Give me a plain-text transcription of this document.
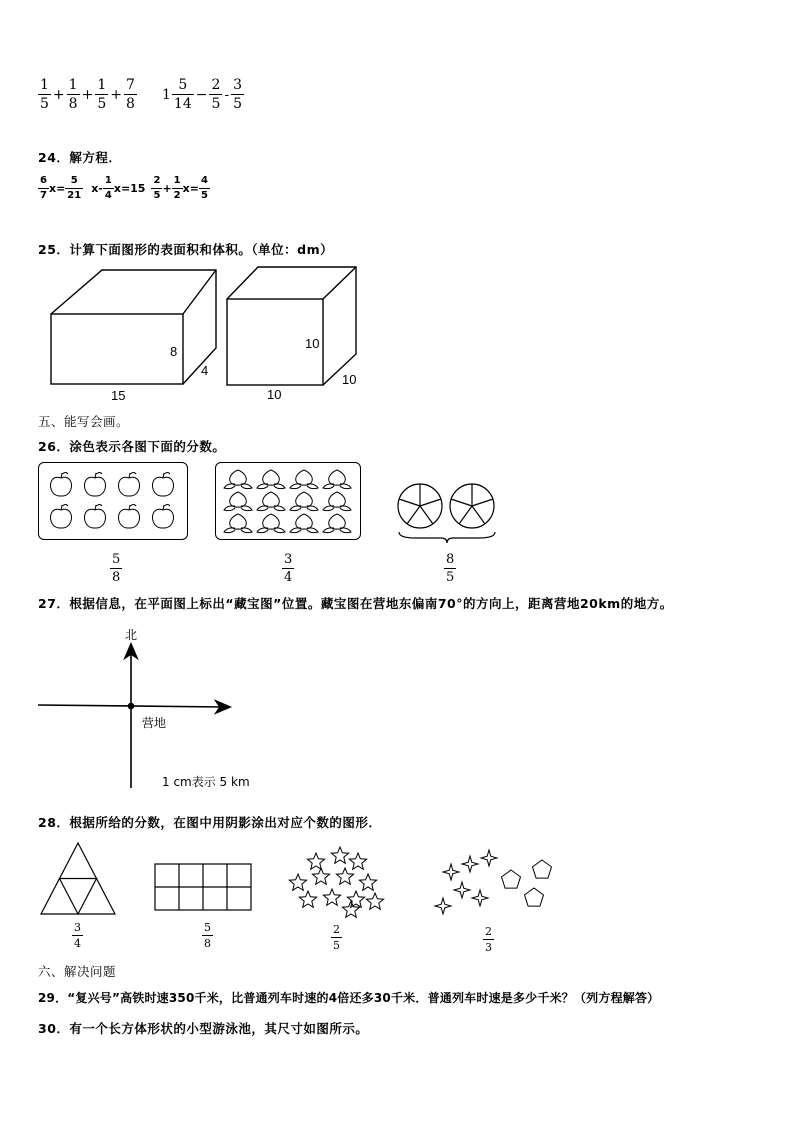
$\frac{1}{5} + \frac{1}{8} + \frac{1}{5} + \frac{7}{8} 1 \frac{5}{14} - \frac{2}{5} - \frac{3}{5}$
24．解方程．
$\frac{6}{7} x= \frac{5}{21} x- \frac{1}{4} x=15 \frac{2}{5} + \frac{1}{2} x= \frac{4}{5}$
25．计算下面图形的表面积和体积。（单位：dm）
8
4
15
10
10
10
五、能写会画。
26．涂色表示各图下面的分数。
5
8
3
4
8
5
27．根据信息，在平面图上标出“藏宝图”位置。藏宝图在营地东偏南70°的方向上，距离营地20km的地方。
北
营地
1 cm表示 5 km
28．根据所给的分数，在图中用阴影涂出对应个数的图形．
3
4
5
8
2
5
2
3
六、解决问题
29．“复兴号”高铁时速350千米，比普通列车时速的4倍还多30千米．普通列车时速是多少千米？（列方程解答）
30．有一个长方体形状的小型游泳池，其尺寸如图所示。
